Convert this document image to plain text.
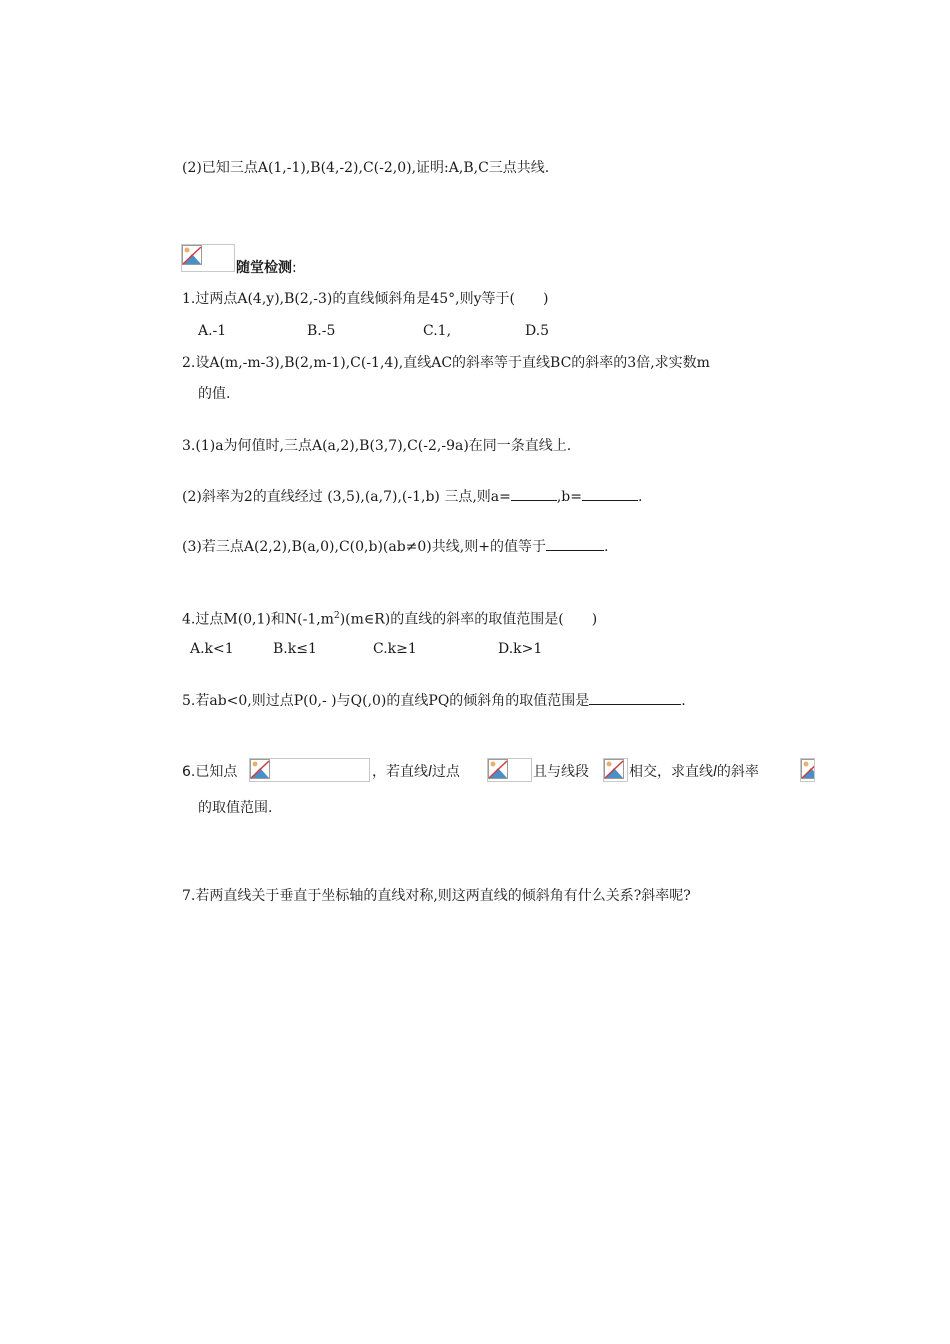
(2)已知三点A(1,-1),B(4,-2),C(-2,0),证明:A,B,C三点共线.
随堂检测:
1.过两点A(4,y),B(2,-3)的直线倾斜角是45°,则y等于(　　)
A.-1	B.-5	C.1,	D.5
2.设A(m,-m-3),B(2,m-1),C(-1,4),直线AC的斜率等于直线BC的斜率的3倍,求实数m
的值.
3.(1)a为何值时,三点A(a,2),B(3,7),C(-2,-9a)在同一条直线上.
(2)斜率为2的直线经过 (3,5),(a,7),(-1,b) 三点,则a=	,b=	.
(3)若三点A(2,2),B(a,0),C(0,b)(ab≠0)共线,则+的值等于	.
4.过点M(0,1)和$N(-1,m^2)(m\in R)$的直线的斜率的取值范围是(　　)
A.k<1	B.k≤1	C.k≥1	D.k>1
5.若ab<0,则过点P(0,- )与Q(,0)的直线PQ的倾斜角的取值范围是	.
6.已知点	，若直线l过点	且与线段	相交，求直线l的斜率
的取值范围.
7.若两直线关于垂直于坐标轴的直线对称,则这两直线的倾斜角有什么关系?斜率呢?
